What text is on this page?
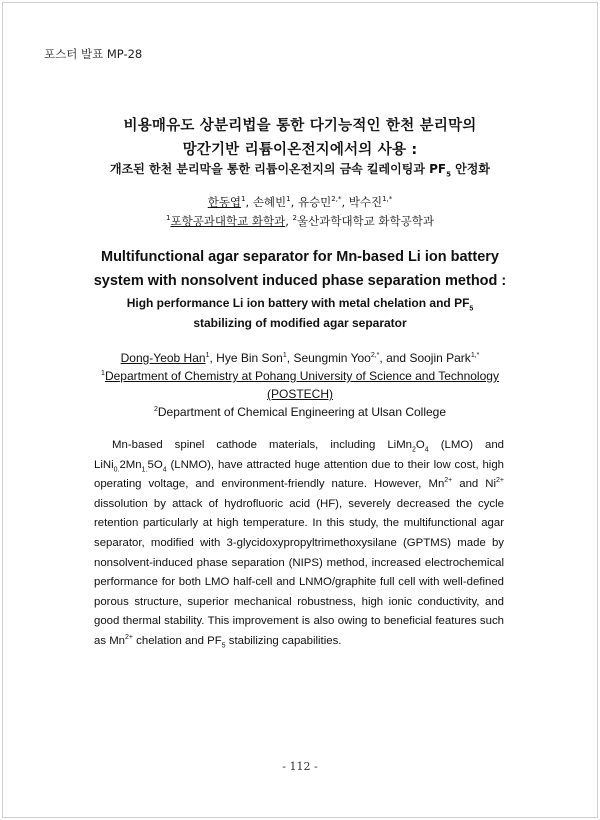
포스터 발표 MP-28
비용매유도 상분리법을 통한 다기능적인 한천 분리막의
망간기반 리튬이온전지에서의 사용 :
개조된 한천 분리막을 통한 리튬이온전지의 금속 킬레이팅과 $PF_5$ 안정화
한동엽$^1$, 손혜빈$^1$, 유승민$^{2,*}$, 박수진$^{1,*}$
$^1$포항공과대학교 화학과, $^2$울산과학대학교 화학공학과
Multifunctional agar separator for Mn-based Li ion battery
system with nonsolvent induced phase separation method :
High performance Li ion battery with metal chelation and $PF_5$
stabilizing of modified agar separator
Dong-Yeob Han$^1$, Hye Bin Son$^1$, Seungmin Yoo$^{2,*}$, and Soojin Park$^{1,*}$
$^1$Department of Chemistry at Pohang University of Science and Technology
(POSTECH)
$^2$Department of Chemical Engineering at Ulsan College

Mn-based spinel cathode materials, including $LiMn_2O_4$ (LMO) and $LiNi_{0.}2Mn_{1.}5O_4$ (LNMO), have attracted huge attention due to their low cost, high operating voltage, and environment-friendly nature. However, $Mn^{2+}$ and $Ni^{2+}$ dissolution by attack of hydrofluoric acid (HF), severely decreased the cycle retention particularly at high temperature. In this study, the multifunctional agar separator, modified with 3-glycidoxypropyltrimethoxysilane (GPTMS) made by nonsolvent-induced phase separation (NIPS) method, increased electrochemical performance for both LMO half-cell and LNMO/graphite full cell with well-defined porous structure, superior mechanical robustness, high ionic conductivity, and good thermal stability. This improvement is also owing to beneficial features such as $Mn^{2+}$ chelation and $PF_5$ stabilizing capabilities.

- 112 -
